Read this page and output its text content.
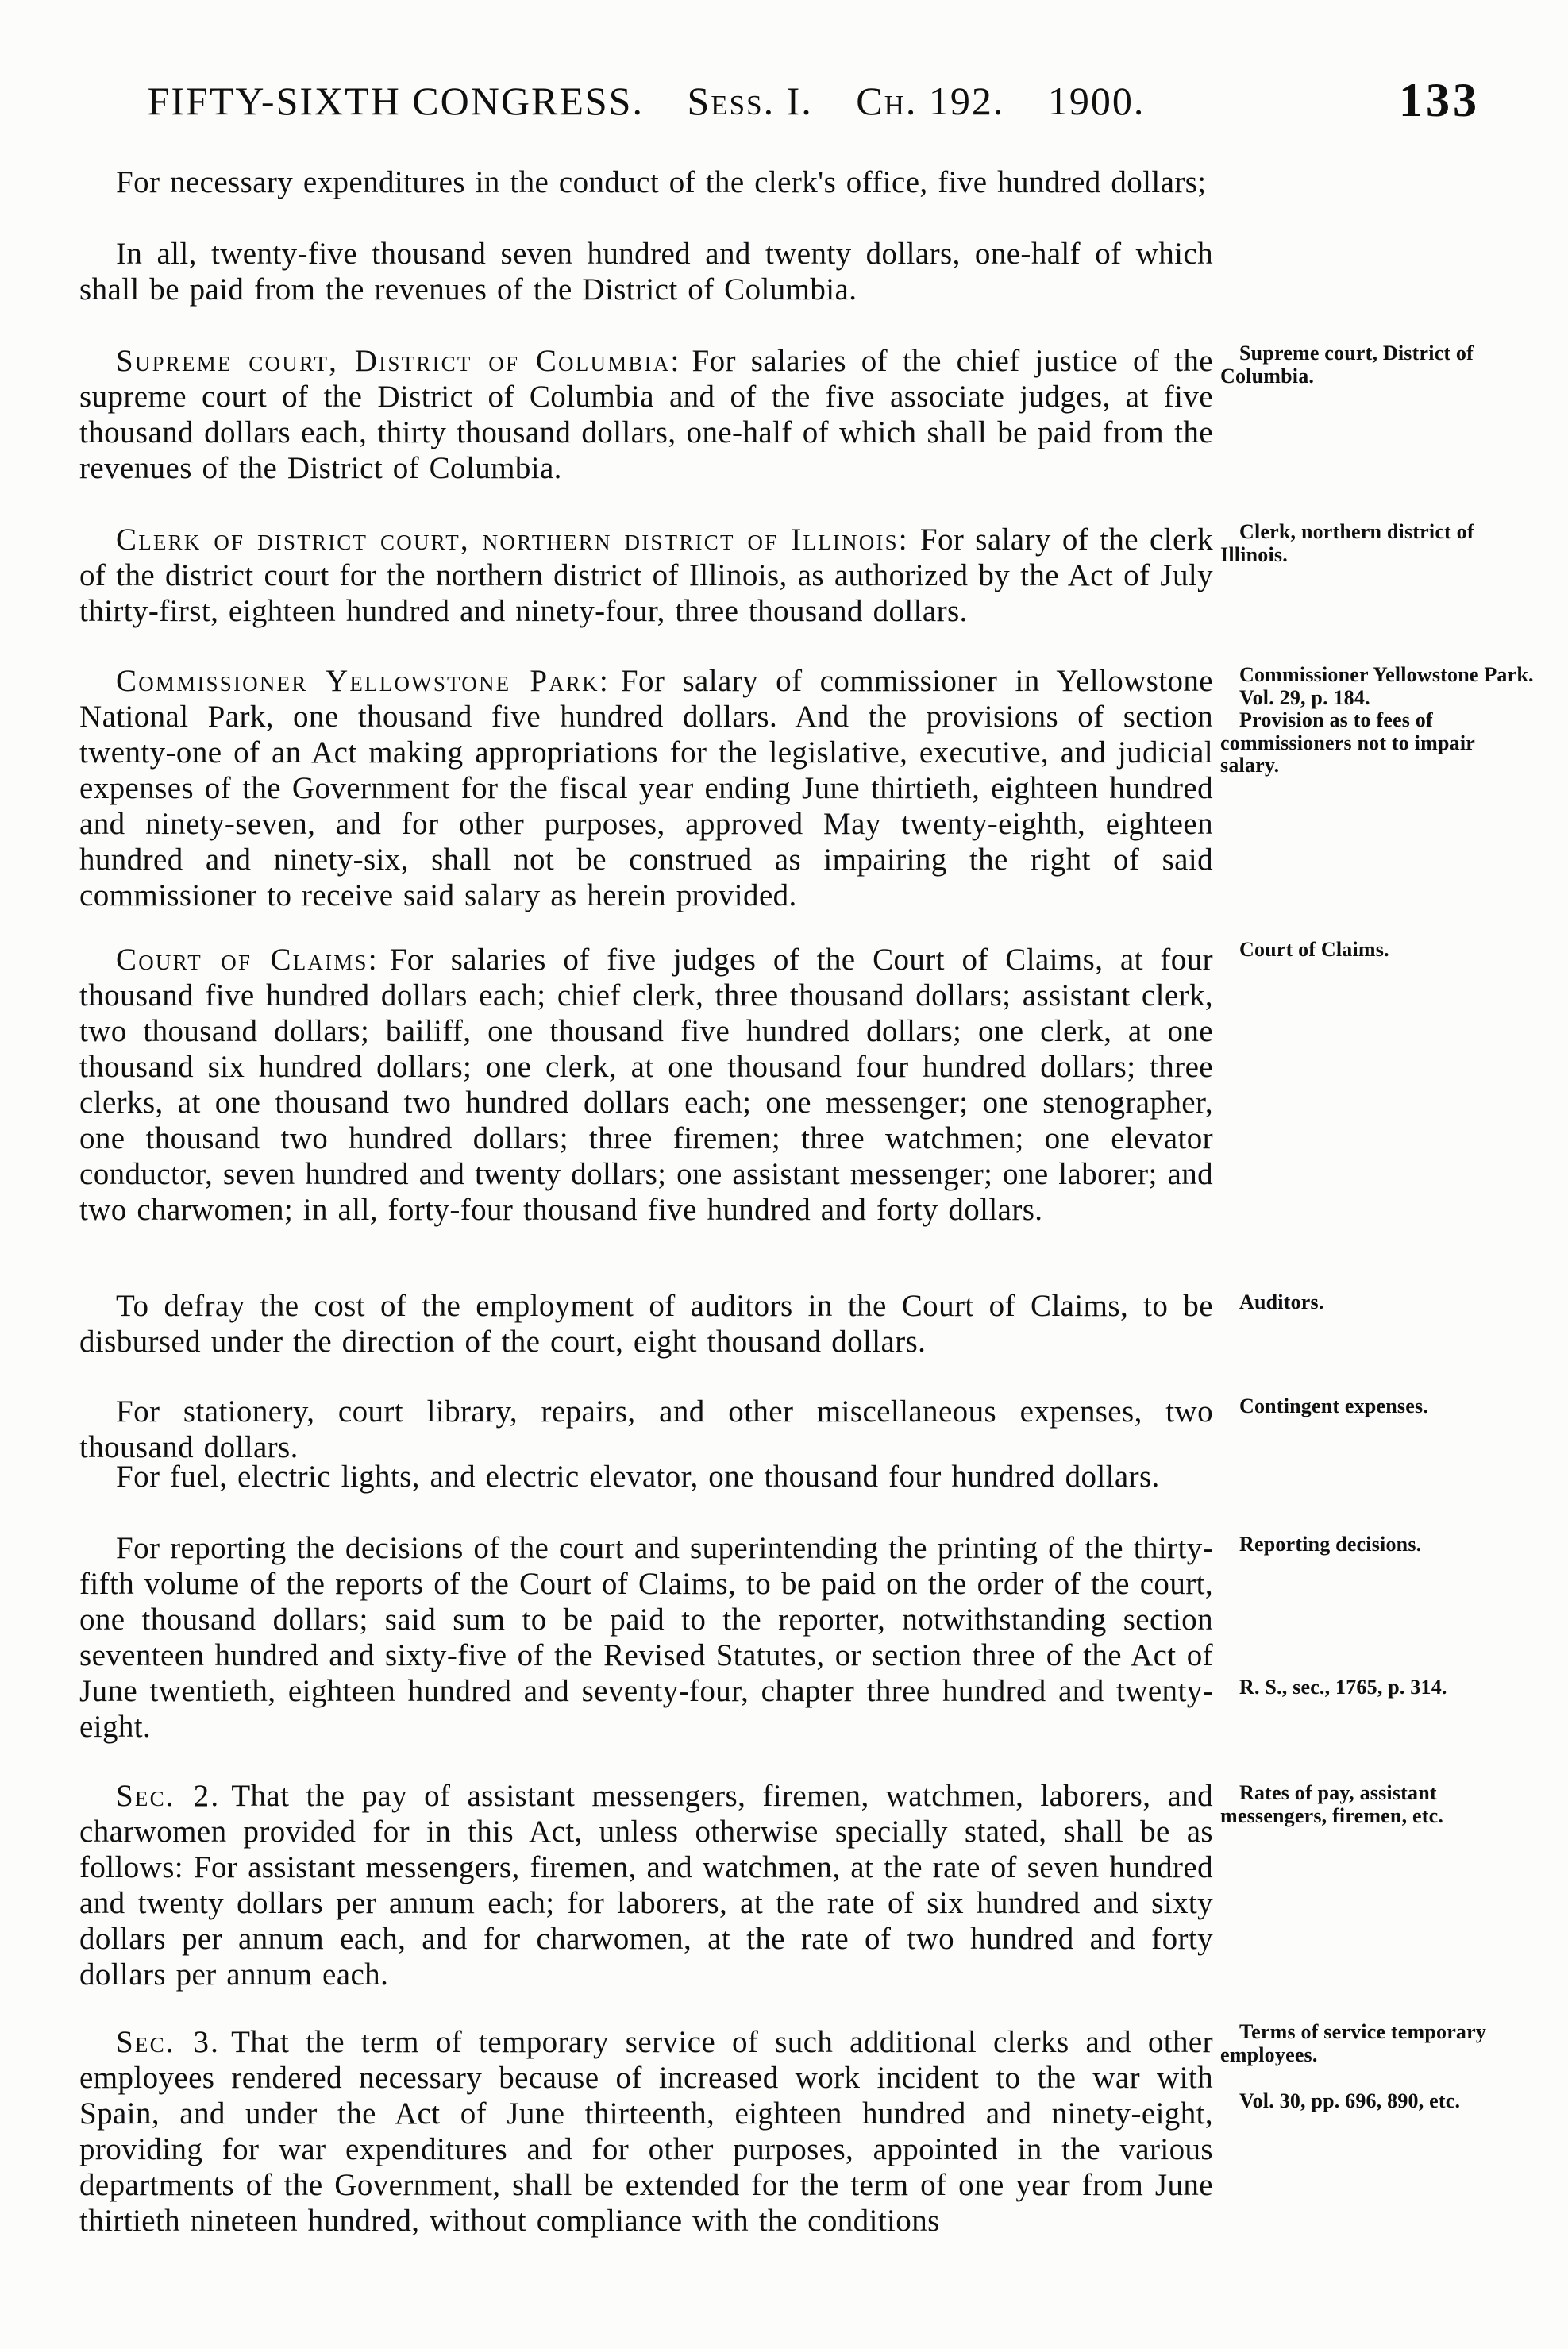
FIFTY-SIXTH CONGRESS. Sess. I. Ch. 192. 1900.	133

For necessary expenditures in the conduct of the clerk's office, five hundred dollars;

In all, twenty-five thousand seven hundred and twenty dollars, one-half of which shall be paid from the revenues of the District of Columbia.

Supreme court, District of Columbia: For salaries of the chief justice of the supreme court of the District of Columbia and of the five associate judges, at five thousand dollars each, thirty thousand dollars, one-half of which shall be paid from the revenues of the District of Columbia.

Clerk of district court, northern district of Illinois: For salary of the clerk of the district court for the northern district of Illinois, as authorized by the Act of July thirty-first, eighteen hundred and ninety-four, three thousand dollars.

Commissioner Yellowstone Park: For salary of commissioner in Yellowstone National Park, one thousand five hundred dollars. And the provisions of section twenty-one of an Act making appropriations for the legislative, executive, and judicial expenses of the Government for the fiscal year ending June thirtieth, eighteen hundred and ninety-seven, and for other purposes, approved May twenty-eighth, eighteen hundred and ninety-six, shall not be construed as impairing the right of said commissioner to receive said salary as herein provided.

Court of Claims: For salaries of five judges of the Court of Claims, at four thousand five hundred dollars each; chief clerk, three thousand dollars; assistant clerk, two thousand dollars; bailiff, one thousand five hundred dollars; one clerk, at one thousand six hundred dollars; one clerk, at one thousand four hundred dollars; three clerks, at one thousand two hundred dollars each; one messenger; one stenographer, one thousand two hundred dollars; three firemen; three watchmen; one elevator conductor, seven hundred and twenty dollars; one assistant messenger; one laborer; and two charwomen; in all, forty-four thousand five hundred and forty dollars.

To defray the cost of the employment of auditors in the Court of Claims, to be disbursed under the direction of the court, eight thousand dollars.

For stationery, court library, repairs, and other miscellaneous expenses, two thousand dollars.

For fuel, electric lights, and electric elevator, one thousand four hundred dollars.

For reporting the decisions of the court and superintending the printing of the thirty-fifth volume of the reports of the Court of Claims, to be paid on the order of the court, one thousand dollars; said sum to be paid to the reporter, notwithstanding section seventeen hundred and sixty-five of the Revised Statutes, or section three of the Act of June twentieth, eighteen hundred and seventy-four, chapter three hundred and twenty-eight.

Sec. 2. That the pay of assistant messengers, firemen, watchmen, laborers, and charwomen provided for in this Act, unless otherwise specially stated, shall be as follows: For assistant messengers, firemen, and watchmen, at the rate of seven hundred and twenty dollars per annum each; for laborers, at the rate of six hundred and sixty dollars per annum each, and for charwomen, at the rate of two hundred and forty dollars per annum each.

Sec. 3. That the term of temporary service of such additional clerks and other employees rendered necessary because of increased work incident to the war with Spain, and under the Act of June thirteenth, eighteen hundred and ninety-eight, providing for war expenditures and for other purposes, appointed in the various departments of the Government, shall be extended for the term of one year from June thirtieth nineteen hundred, without compliance with the conditions

Supreme court, District of Columbia.

Clerk, northern district of Illinois.

Commissioner Yellowstone Park.

Vol. 29, p. 184.

Provision as to fees of commissioners not to impair salary.

Court of Claims.

Auditors.

Contingent expenses.

Reporting decisions.

R. S., sec., 1765, p. 314.

Rates of pay, assistant messengers, firemen, etc.

Terms of service temporary employees.

Vol. 30, pp. 696, 890, etc.
